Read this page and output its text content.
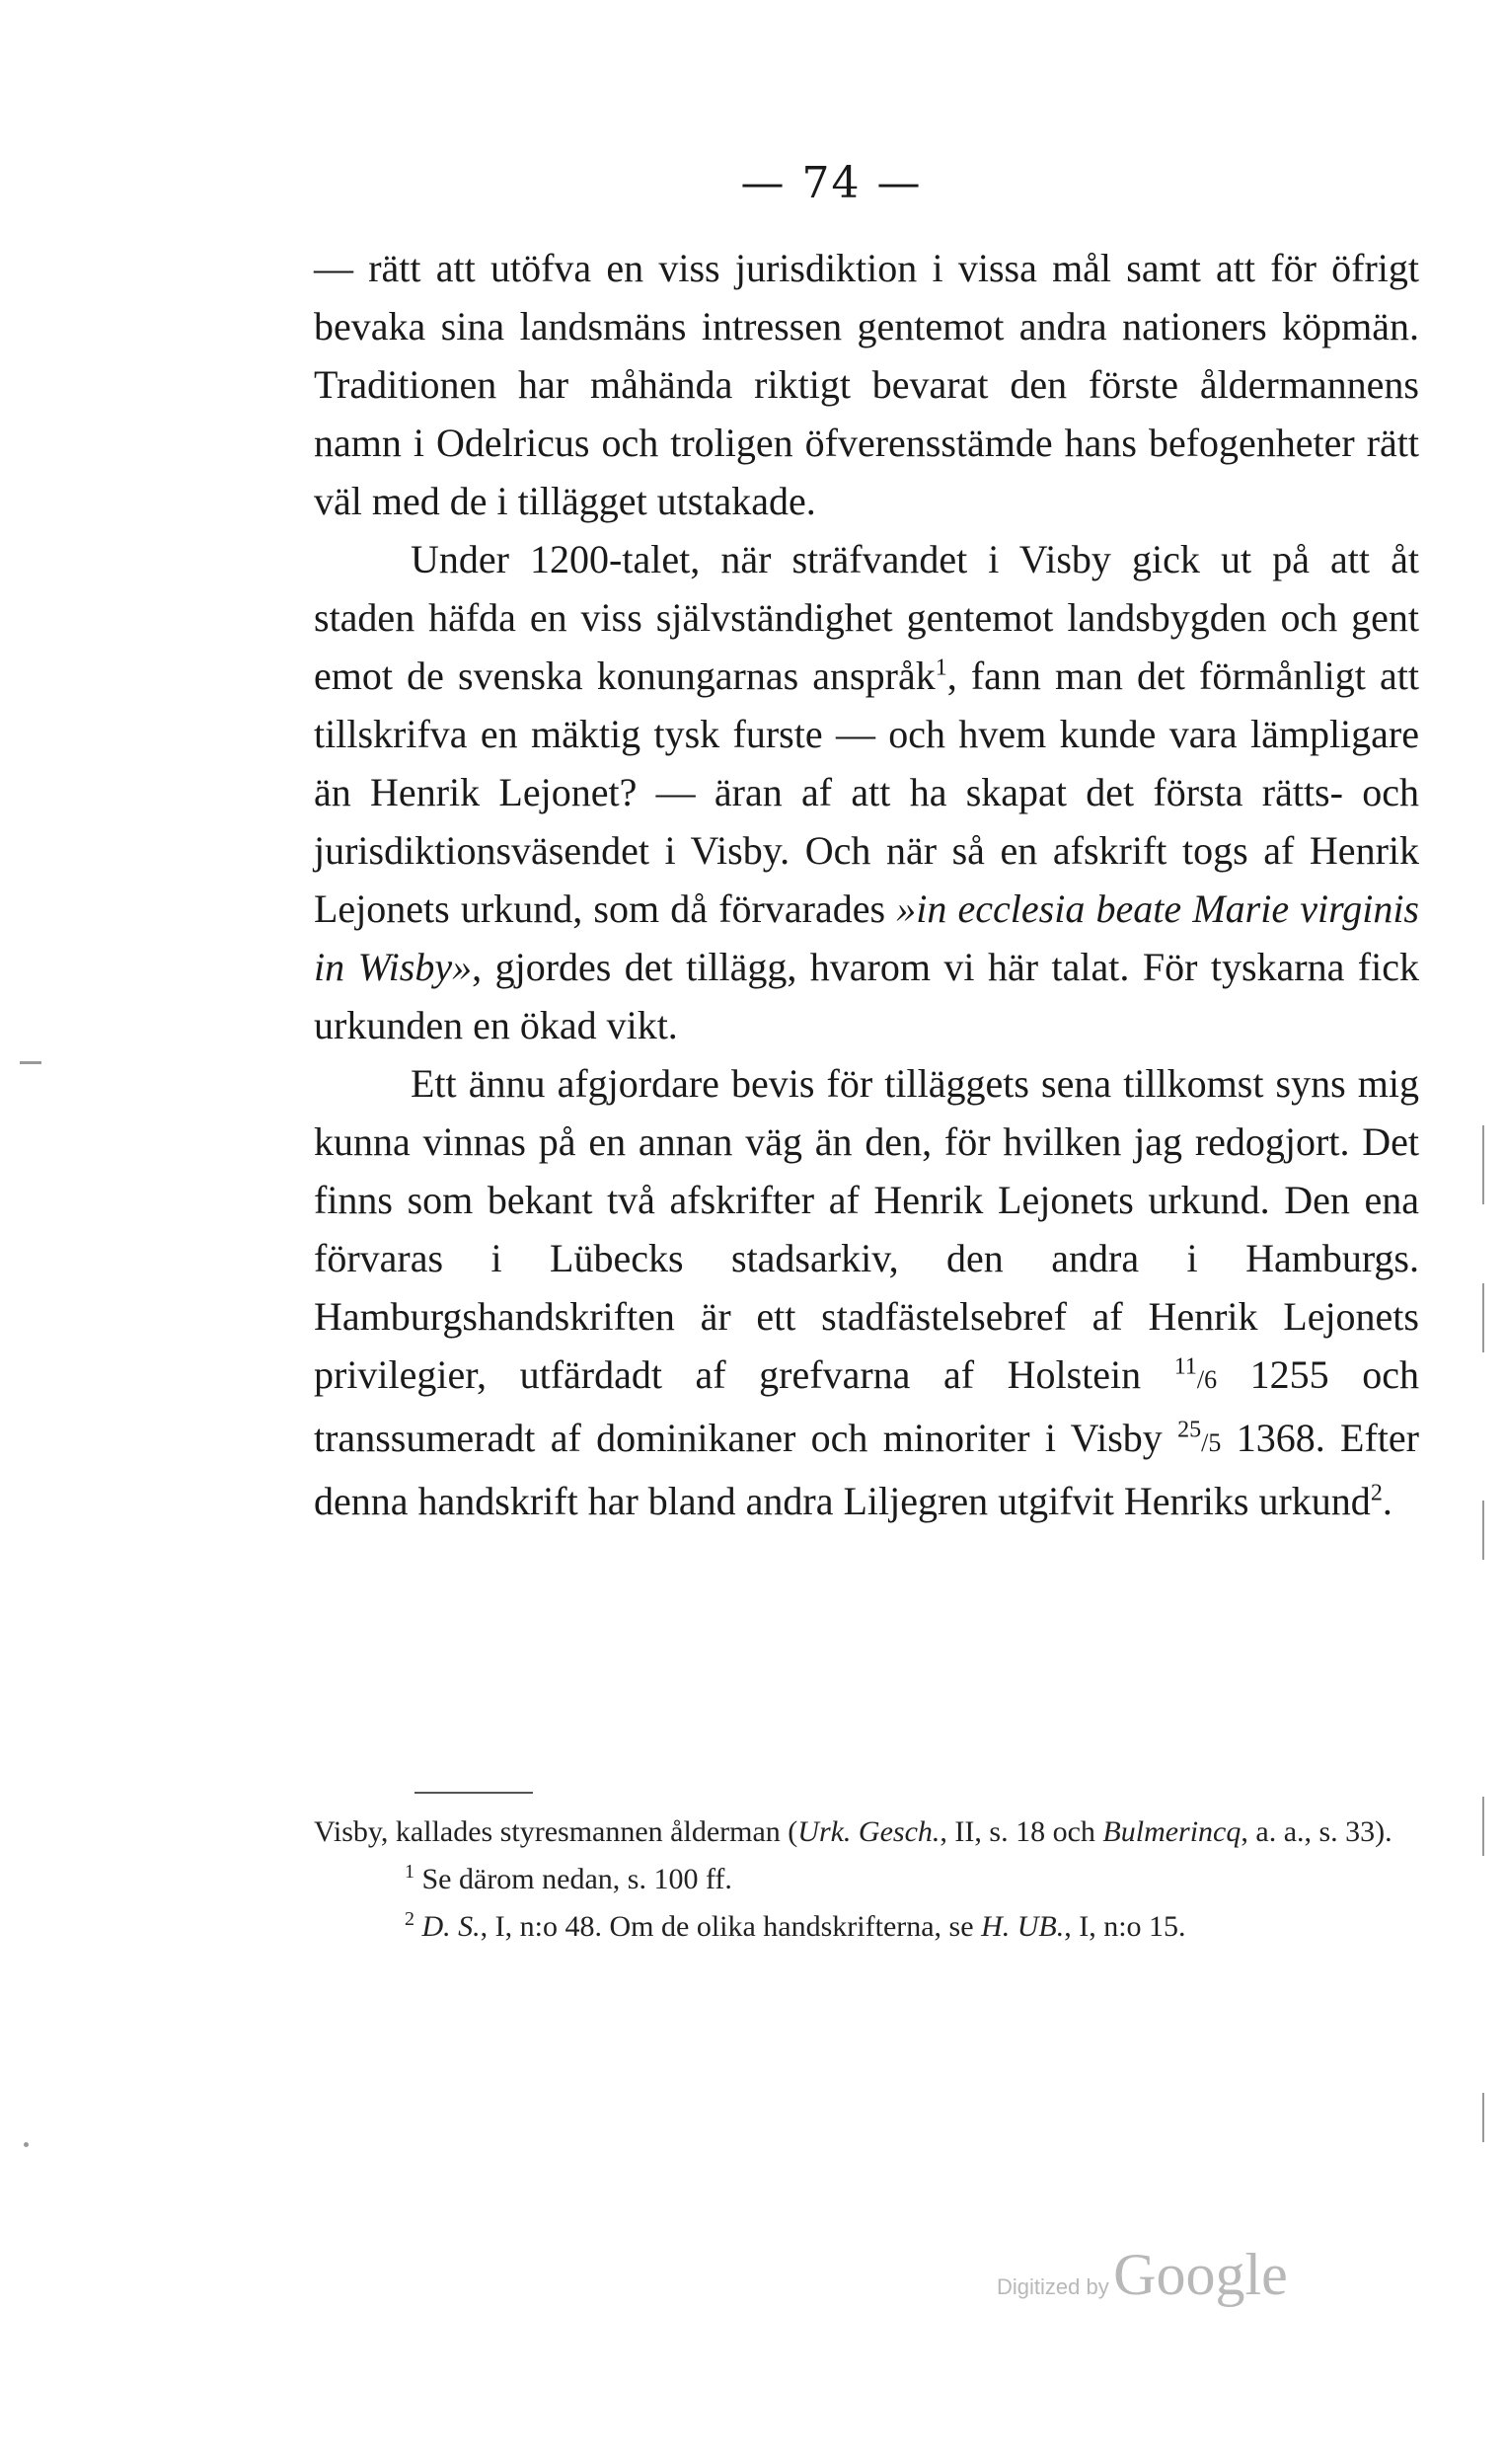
— 74 —

— rätt att utöfva en viss jurisdiktion i vissa mål samt att för öfrigt bevaka sina landsmäns intressen gentemot andra nationers köpmän. Traditionen har måhända riktigt bevarat den förste åldermannens namn i Odelricus och troligen öfverensstämde hans befogenheter rätt väl med de i tillägget utstakade.

Under 1200-talet, när sträfvandet i Visby gick ut på att åt staden häfda en viss självständighet gentemot landsbygden och gent emot de svenska konungarnas anspråk$^1$, fann man det förmånligt att tillskrifva en mäktig tysk furste — och hvem kunde vara lämpligare än Henrik Lejonet? — äran af att ha skapat det första rätts- och jurisdiktionsväsendet i Visby. Och när så en afskrift togs af Henrik Lejonets urkund, som då förvarades »in ecclesia beate Marie virginis in Wisby», gjordes det tillägg, hvarom vi här talat. För tyskarna fick urkunden en ökad vikt.

Ett ännu afgjordare bevis för tilläggets sena tillkomst syns mig kunna vinnas på en annan väg än den, för hvilken jag redogjort. Det finns som bekant två afskrifter af Henrik Lejonets urkund. Den ena förvaras i Lübecks stadsarkiv, den andra i Hamburgs. Hamburgshandskriften är ett stadfästelsebref af Henrik Lejonets privilegier, utfärdadt af grefvarna af Holstein $^{11}$/6 1255 och transsumeradt af dominikaner och minoriter i Visby $^{25}$/5 1368. Efter denna handskrift har bland andra Liljegren utgifvit Henriks urkund$^2$.

Visby, kallades styresmannen ålderman (Urk. Gesch., II, s. 18 och Bulmerincq, a. a., s. 33).

$^1$ Se därom nedan, s. 100 ff.

$^2$ D. S., I, n:o 48. Om de olika handskrifterna, se H. UB., I, n:o 15.

Digitized by Google
